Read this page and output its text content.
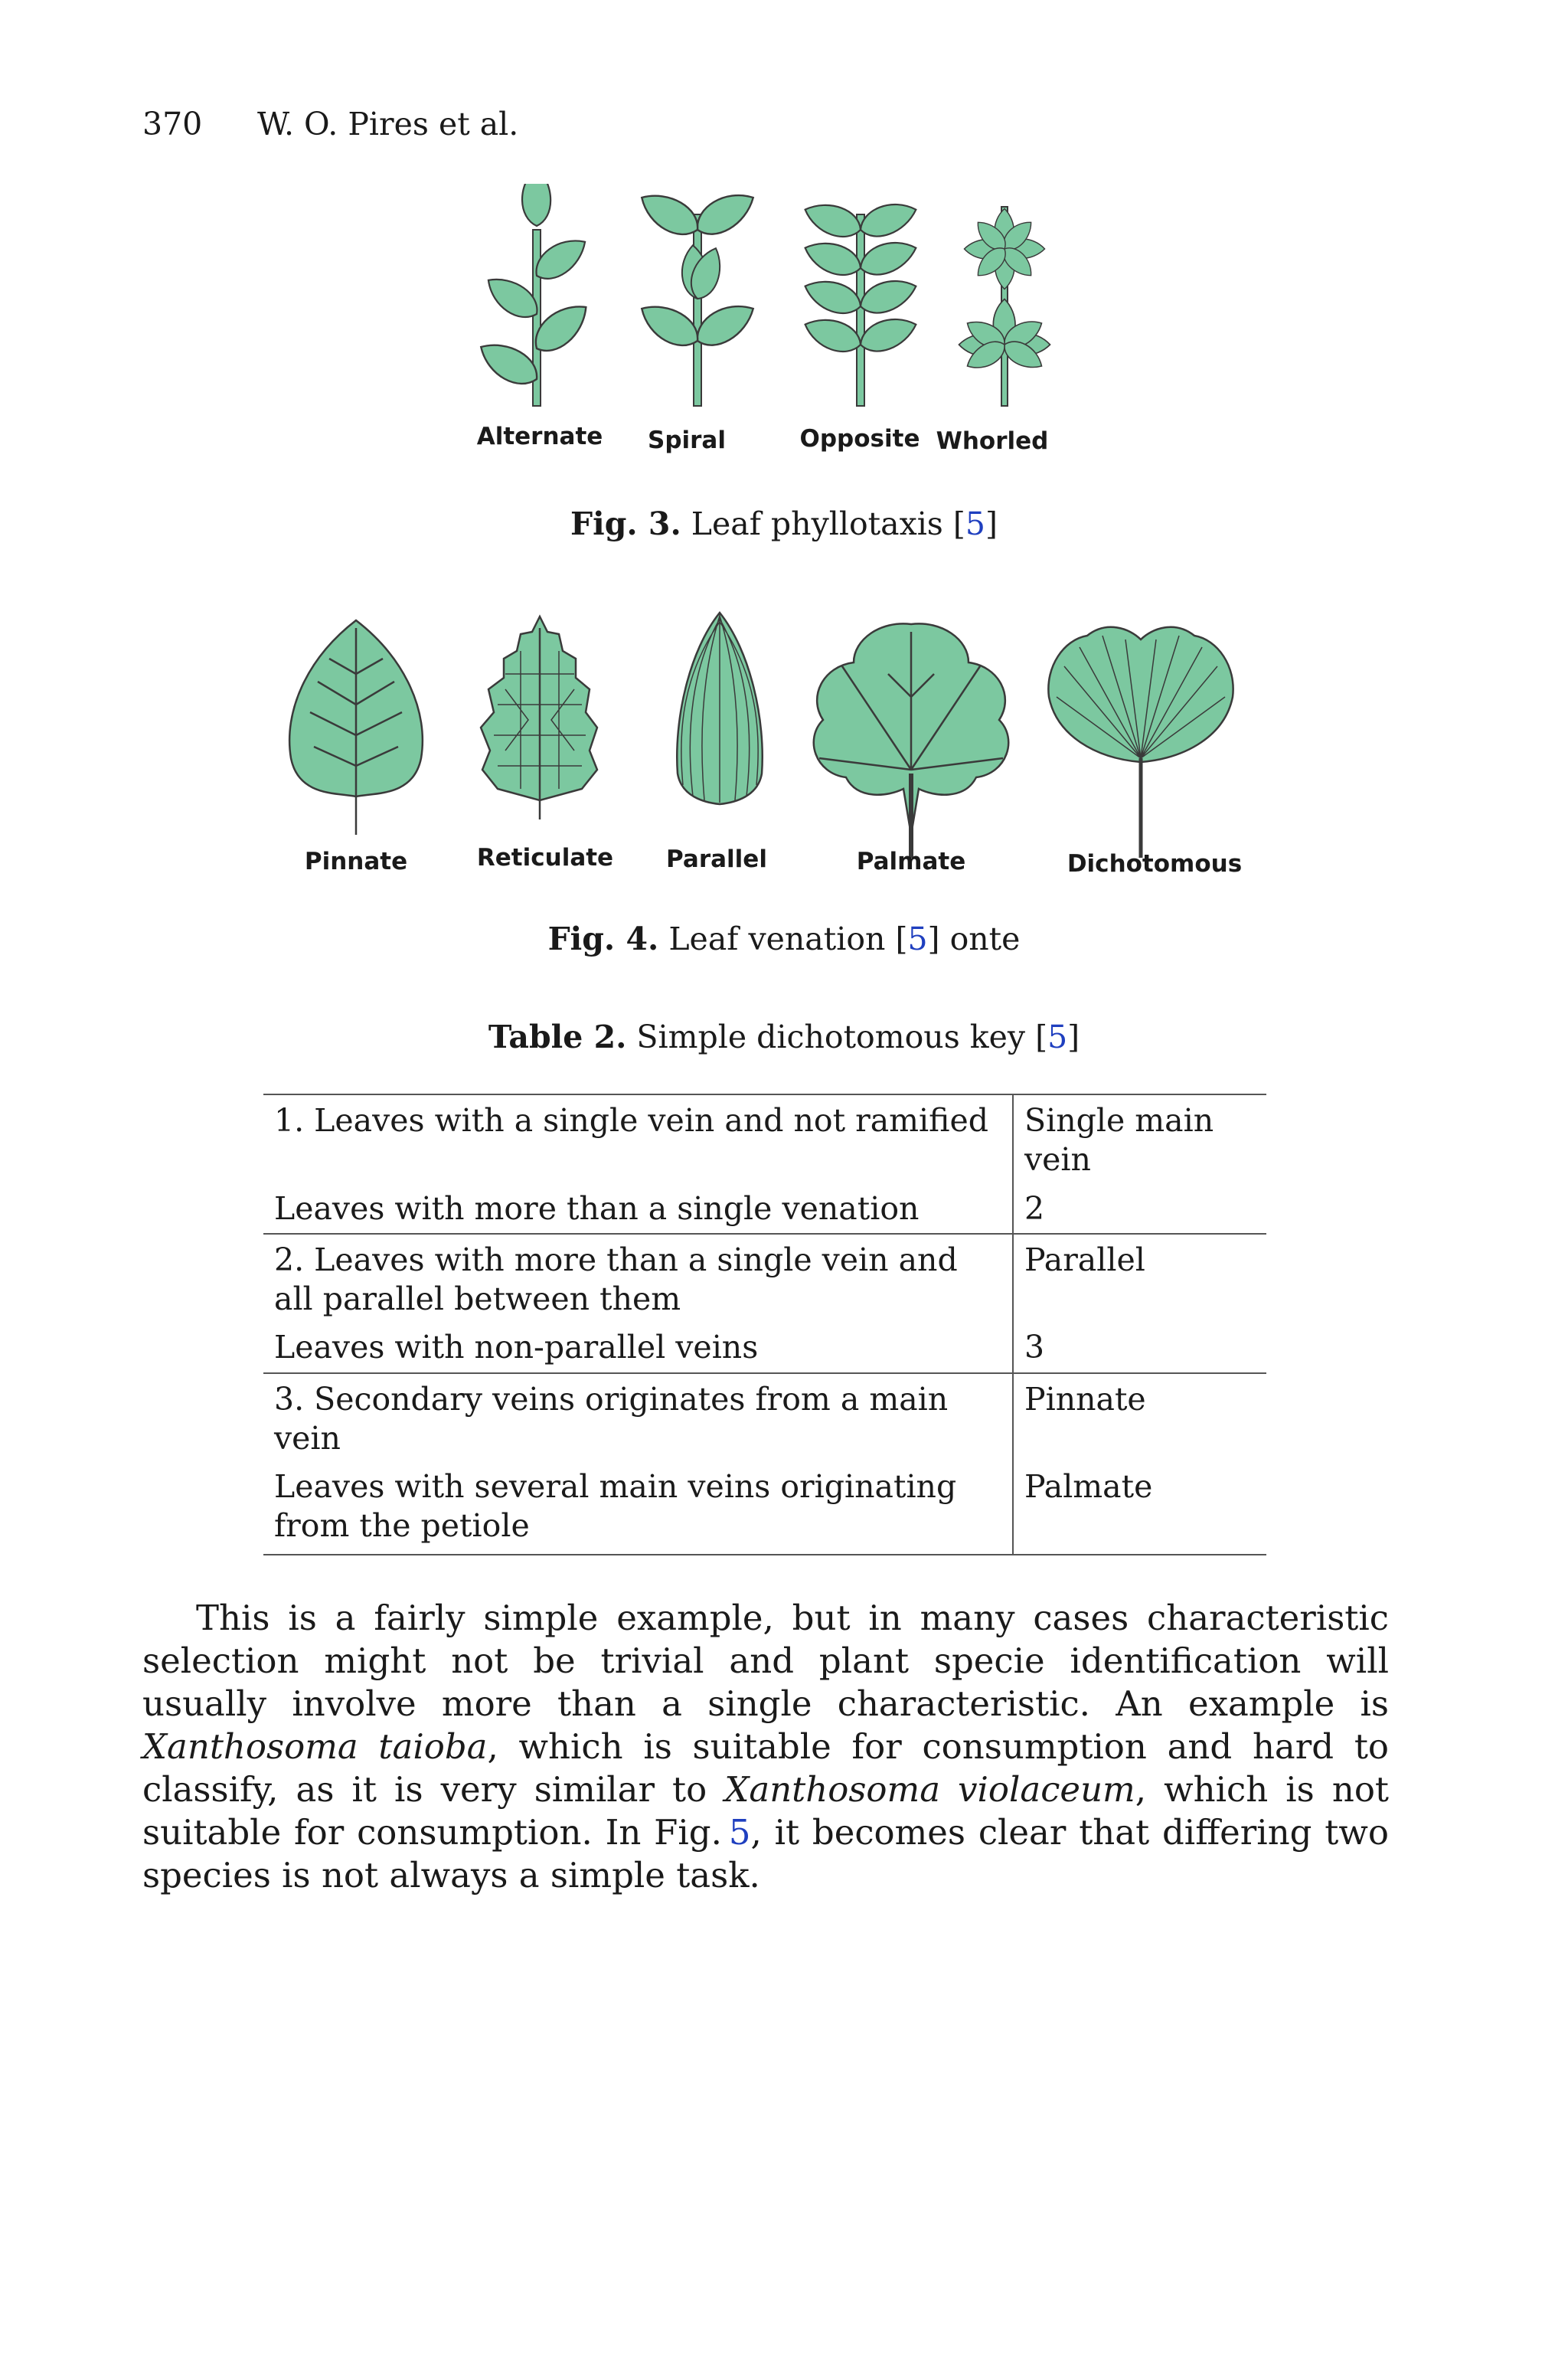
370 W. O. Pires et al.
Alternate Spiral	Opposite Whorled
Fig. 3. Leaf phyllotaxis [5]
Pinnate	Reticulate Parallel	Palmate	Dichotomous
Fig. 4. Leaf venation [5] onte
Table 2. Simple dichotomous key [5]
1. Leaves with a single vein and not ramified	Single main vein
Leaves with more than a single venation	2
2. Leaves with more than a single vein and all parallel between them	Parallel
Leaves with non-parallel veins	3
3. Secondary veins originates from a main vein	Pinnate
Leaves with several main veins originating from the petiole	Palmate

This is a fairly simple example, but in many cases characteristic selection might not be trivial and plant specie identification will usually involve more than a single characteristic. An example is Xanthosoma taioba, which is suitable for consumption and hard to classify, as it is very similar to Xanthosoma violaceum, which is not suitable for consumption. In Fig. 5, it becomes clear that differing two species is not always a simple task.
